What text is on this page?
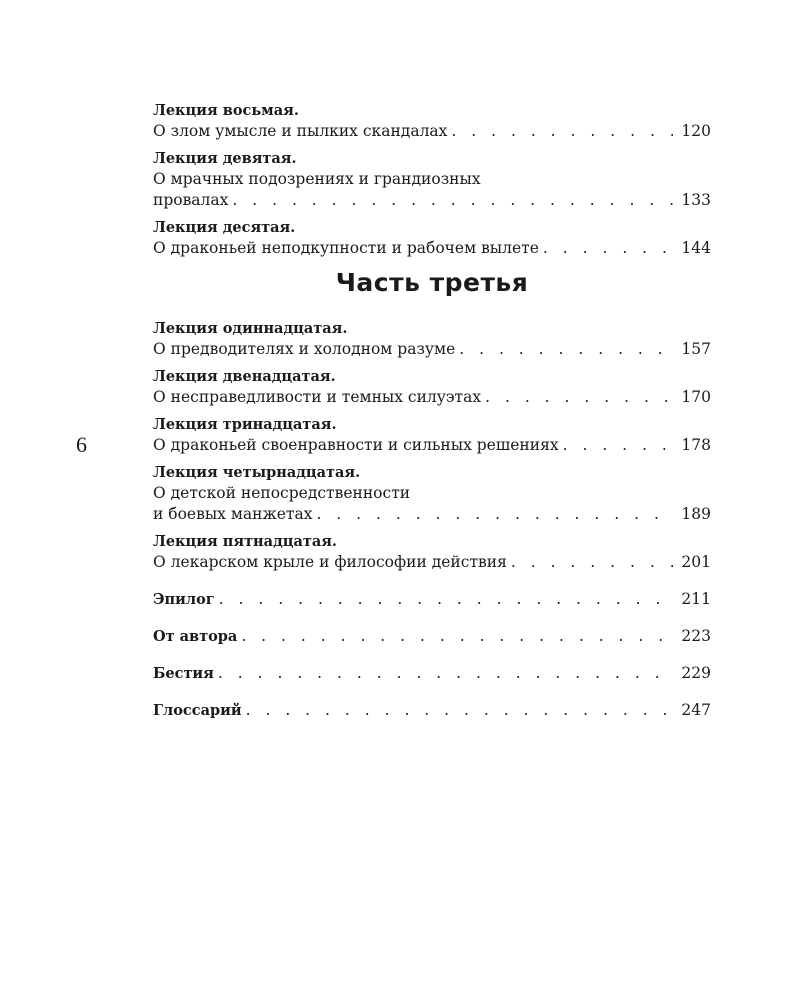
6
Лекция восьмая.
О злом умысле и пылких скандалах . . .	120
Лекция девятая.
О мрачных подозрениях и грандиозных
провалах . . .	133
Лекция десятая.
О драконьей неподкупности и рабочем вылете . . .	144
Часть третья
Лекция одиннадцатая.
О предводителях и холодном разуме . . .	157
Лекция двенадцатая.
О несправедливости и темных силуэтах . . .	170
Лекция тринадцатая.
О драконьей своенравности и сильных решениях . . .	178
Лекция четырнадцатая.
О детской непосредственности
и боевых манжетах . . .	189
Лекция пятнадцатая.
О лекарском крыле и философии действия . . .	201
Эпилог . . .	211
От автора . . .	223
Бестия . . .	229
Глоссарий . . .	247
